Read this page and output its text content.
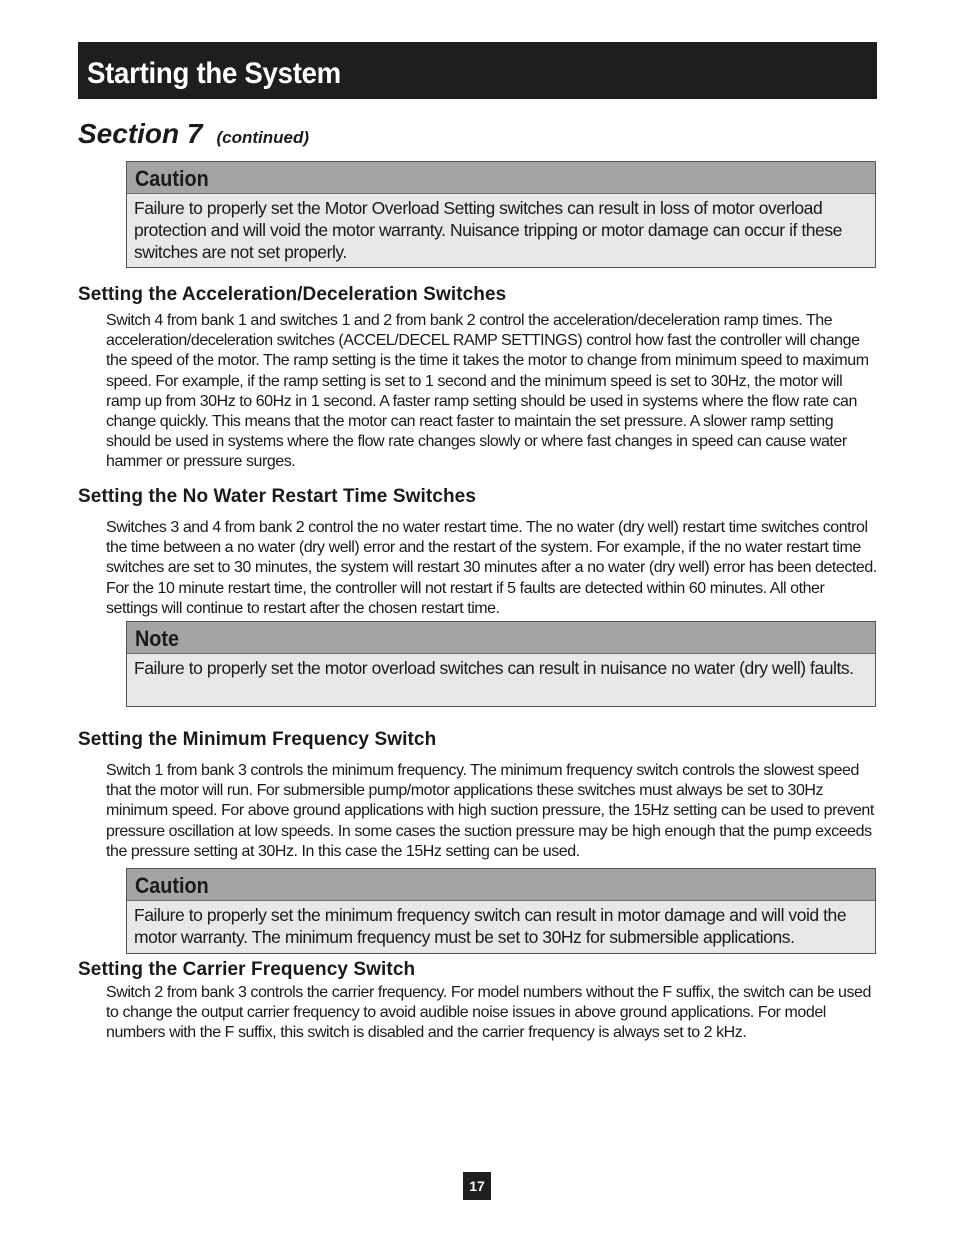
Starting the System
Section 7 (continued)
Caution
Failure to properly set the Motor Overload Setting switches can result in loss of motor overload protection and will void the motor warranty. Nuisance tripping or motor damage can occur if these switches are not set properly.
Setting the Acceleration/Deceleration Switches
Switch 4 from bank 1 and switches 1 and 2 from bank 2 control the acceleration/deceleration ramp times. The acceleration/deceleration switches (ACCEL/DECEL RAMP SETTINGS) control how fast the controller will change the speed of the motor. The ramp setting is the time it takes the motor to change from minimum speed to maximum speed. For example, if the ramp setting is set to 1 second and the minimum speed is set to 30Hz, the motor will ramp up from 30Hz to 60Hz in 1 second. A faster ramp setting should be used in systems where the flow rate can change quickly. This means that the motor can react faster to maintain the set pressure. A slower ramp setting should be used in systems where the flow rate changes slowly or where fast changes in speed can cause water hammer or pressure surges.
Setting the No Water Restart Time Switches
Switches 3 and 4 from bank 2 control the no water restart time. The no water (dry well) restart time switches control the time between a no water (dry well) error and the restart of the system. For example, if the no water restart time switches are set to 30 minutes, the system will restart 30 minutes after a no water (dry well) error has been detected. For the 10 minute restart time, the controller will not restart if 5 faults are detected within 60 minutes. All other settings will continue to restart after the chosen restart time.
Note
Failure to properly set the motor overload switches can result in nuisance no water (dry well) faults.
Setting the Minimum Frequency Switch
Switch 1 from bank 3 controls the minimum frequency. The minimum frequency switch controls the slowest speed that the motor will run. For submersible pump/motor applications these switches must always be set to 30Hz minimum speed. For above ground applications with high suction pressure, the 15Hz setting can be used to prevent pressure oscillation at low speeds. In some cases the suction pressure may be high enough that the pump exceeds the pressure setting at 30Hz. In this case the 15Hz setting can be used.
Caution
Failure to properly set the minimum frequency switch can result in motor damage and will void the motor warranty. The minimum frequency must be set to 30Hz for submersible applications.
Setting the Carrier Frequency Switch
Switch 2 from bank 3 controls the carrier frequency. For model numbers without the F suffix, the switch can be used to change the output carrier frequency to avoid audible noise issues in above ground applications. For model numbers with the F suffix, this switch is disabled and the carrier frequency is always set to 2 kHz.
17
